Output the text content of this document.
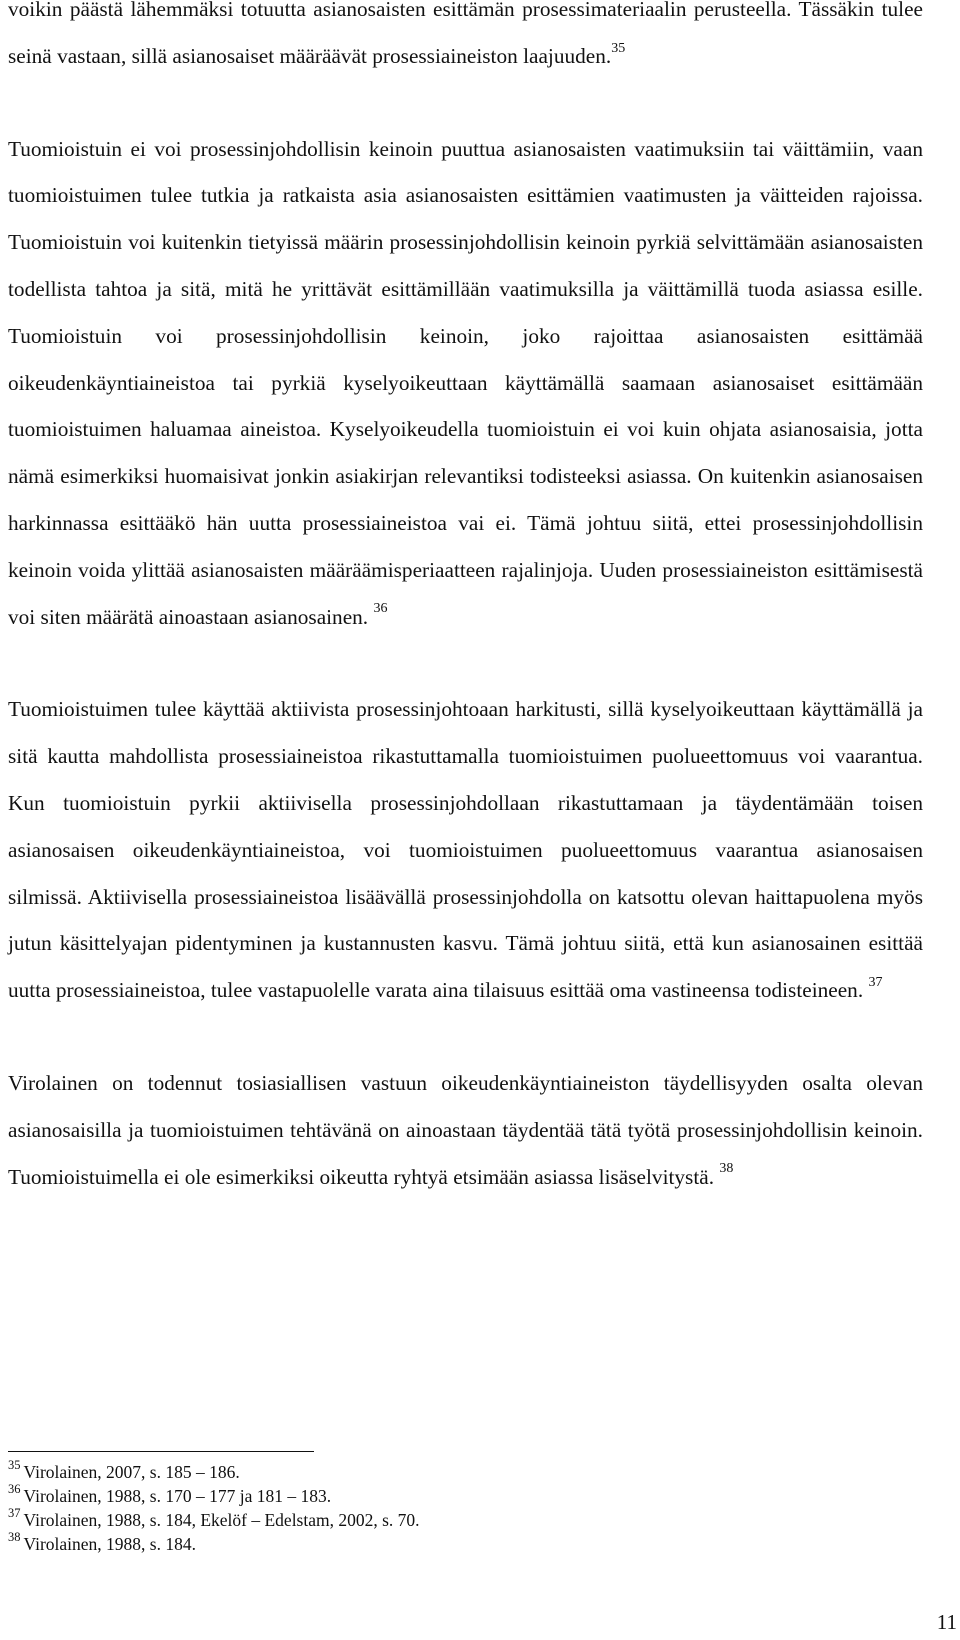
voikin päästä lähemmäksi totuutta asianosaisten esittämän prosessimateriaalin perusteella. Tässäkin tulee seinä vastaan, sillä asianosaiset määräävät prosessiaineiston laajuuden.$^{35}$

Tuomioistuin ei voi prosessinjohdollisin keinoin puuttua asianosaisten vaatimuksiin tai väittämiin, vaan tuomioistuimen tulee tutkia ja ratkaista asia asianosaisten esittämien vaatimusten ja väitteiden rajoissa. Tuomioistuin voi kuitenkin tietyissä määrin prosessinjohdollisin keinoin pyrkiä selvittämään asianosaisten todellista tahtoa ja sitä, mitä he yrittävät esittämillään vaatimuksilla ja väittämillä tuoda asiassa esille. Tuomioistuin voi prosessinjohdollisin keinoin, joko rajoittaa asianosaisten esittämää oikeudenkäyntiaineistoa tai pyrkiä kyselyoikeuttaan käyttämällä saamaan asianosaiset esittämään tuomioistuimen haluamaa aineistoa. Kyselyoikeudella tuomioistuin ei voi kuin ohjata asianosaisia, jotta nämä esimerkiksi huomaisivat jonkin asiakirjan relevantiksi todisteeksi asiassa. On kuitenkin asianosaisen harkinnassa esittääkö hän uutta prosessiaineistoa vai ei. Tämä johtuu siitä, ettei prosessinjohdollisin keinoin voida ylittää asianosaisten määräämisperiaatteen rajalinjoja. Uuden prosessiaineiston esittämisestä voi siten määrätä ainoastaan asianosainen. $^{36}$

Tuomioistuimen tulee käyttää aktiivista prosessinjohtoaan harkitusti, sillä kyselyoikeuttaan käyttämällä ja sitä kautta mahdollista prosessiaineistoa rikastuttamalla tuomioistuimen puolueettomuus voi vaarantua. Kun tuomioistuin pyrkii aktiivisella prosessinjohdollaan rikastuttamaan ja täydentämään toisen asianosaisen oikeudenkäyntiaineistoa, voi tuomioistuimen puolueettomuus vaarantua asianosaisen silmissä. Aktiivisella prosessiaineistoa lisäävällä prosessinjohdolla on katsottu olevan haittapuolena myös jutun käsittelyajan pidentyminen ja kustannusten kasvu. Tämä johtuu siitä, että kun asianosainen esittää uutta prosessiaineistoa, tulee vastapuolelle varata aina tilaisuus esittää oma vastineensa todisteineen. $^{37}$

Virolainen on todennut tosiasiallisen vastuun oikeudenkäyntiaineiston täydellisyyden osalta olevan asianosaisilla ja tuomioistuimen tehtävänä on ainoastaan täydentää tätä työtä prosessinjohdollisin keinoin. Tuomioistuimella ei ole esimerkiksi oikeutta ryhtyä etsimään asiassa lisäselvitystä. $^{38}$

$^{35}$ Virolainen, 2007, s. 185 – 186.

$^{36}$ Virolainen, 1988, s. 170 – 177 ja 181 – 183.

$^{37}$ Virolainen, 1988, s. 184, Ekelöf – Edelstam, 2002, s. 70.

$^{38}$ Virolainen, 1988, s. 184.

11
